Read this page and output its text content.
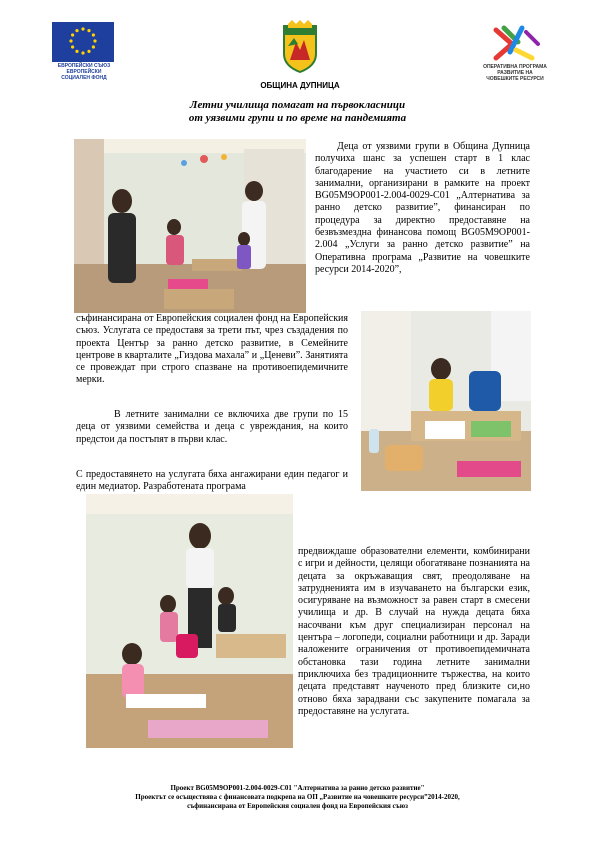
ЕВРОПЕЙСКИ СЪЮЗ
ЕВРОПЕЙСКИ
СОЦИАЛЕН ФОНД
ОБЩИНА ДУПНИЦА
ОПЕРАТИВНА ПРОГРАМА
РАЗВИТИЕ НА
ЧОВЕШКИТЕ РЕСУРСИ
Летни училища помагат на първокласници
от уязвими групи и по време на пандемията

Деца от уязвими групи в Община Дупница получиха шанс за успешен старт в 1 клас благодарение на участието си в летните занимални, организирани в рамките на проект BG05M9OP001-2.004-0029-C01 „Алтернатива за ранно детско развитие”, финансиран по процедура за директно предоставяне на безвъзмездна финансова помощ BG05M9OP001-2.004 „Услуги за ранно детско развитие” на Оперативна програма „Развитие на човешките ресурси 2014-2020”,

съфинансирана от Европейския социален фонд на Европейския съюз. Услугата се предоставя за трети път, чрез създадения по проекта Център за ранно детско развитие, в Семейните центрове в кварталите „Гиздова махала” и „Ценеви”. Занятията се провеждат при строго спазване на противоепидемичните мерки.

В летните занимални се включиха две групи по 15 деца от уязвими семейства и деца с увреждания, на които предстои да постъпят в първи клас.

С предоставянето на услугата бяха ангажирани един педагог и един медиатор. Разработената програма

предвиждаше образователни елементи, комбинирани с игри и дейности, целящи обогатяване познанията на децата за окръжаващия свят, преодоляване на затрудненията им в изучаването на български език, осигуряване на възможност за равен старт в смесени училища и др. В случай на нужда децата бяха насочвани към друг специализиран персонал на центъра – логопеди, социални работници и др. Заради наложените ограничения от противоепидемичната обстановка тази година летните занимални приключиха без традиционните тържества, на които децата представят наученото пред близките си,но отново бяха зарадвани със закупените помагала за предоставяне на услугата.

Проект BG05M9OP001-2.004-0029-C01 "Алтернатива за ранно детско развитие"
Проектът се осъществява с финансовата подкрепа на ОП „Развитие на човешките ресурси”2014-2020,
съфинансирана от Европейския социален фонд на Европейския съюз
